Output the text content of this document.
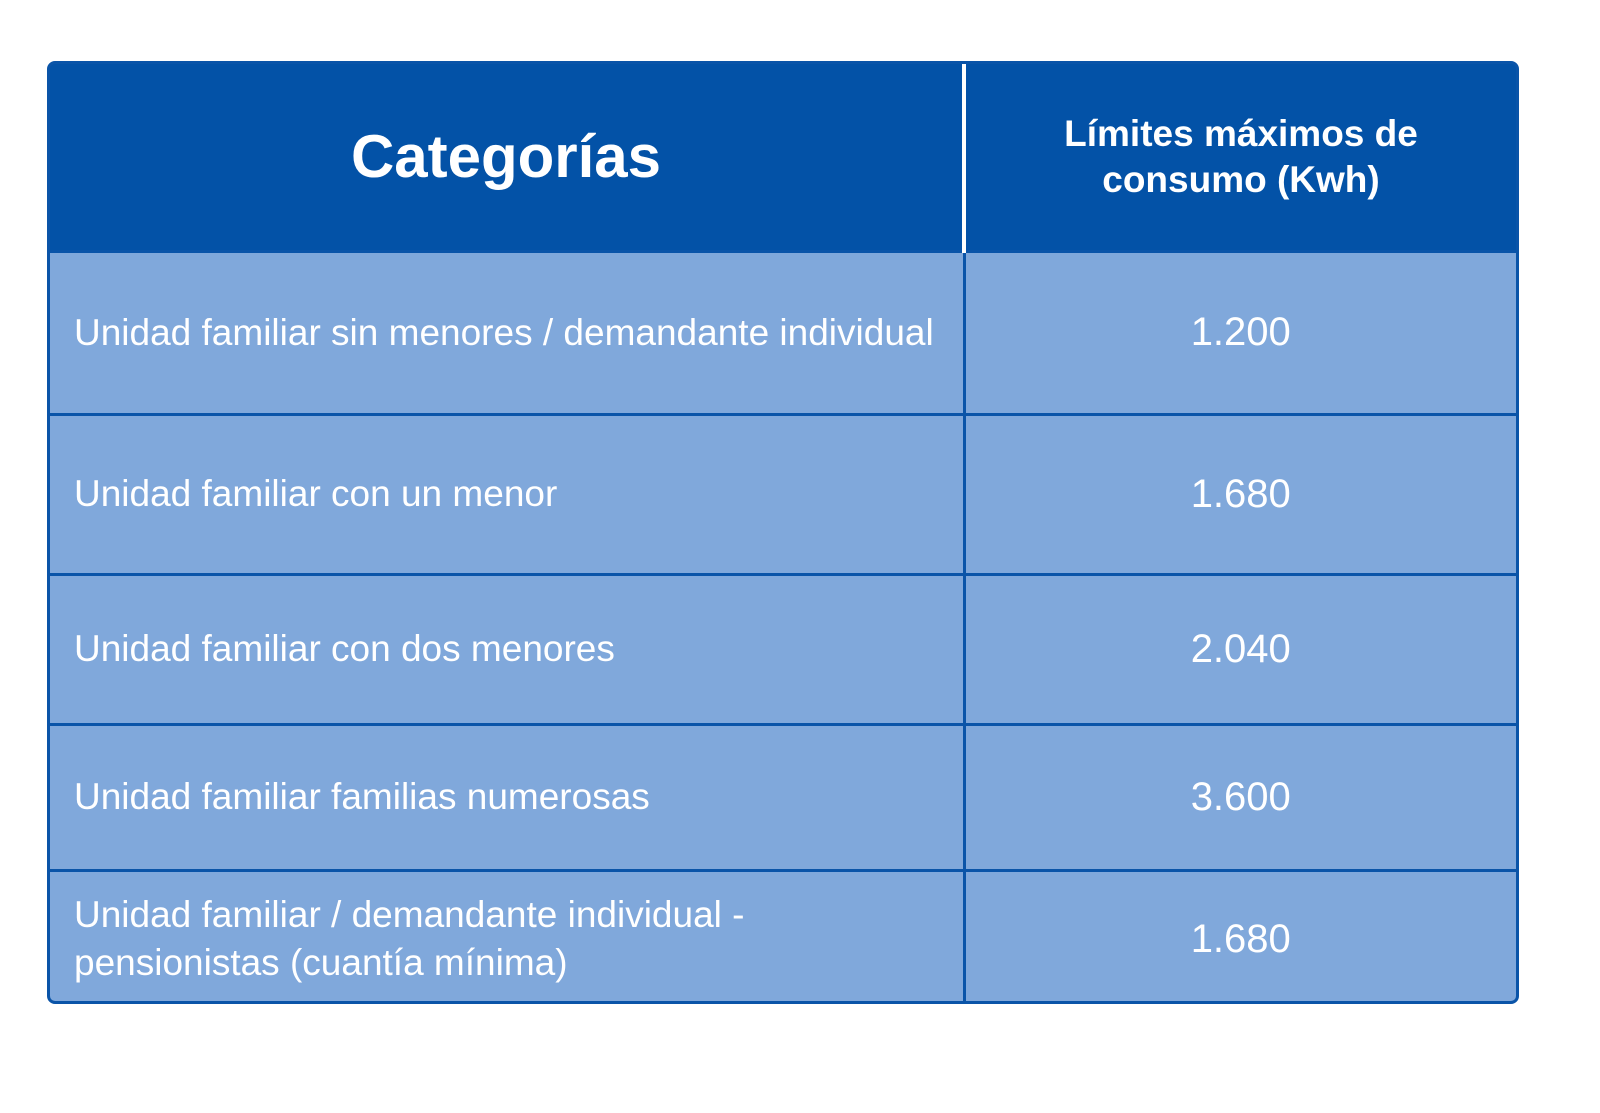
Categorías	Límites máximos de consumo (Kwh)
Unidad familiar sin menores / demandante individual	1.200
Unidad familiar con un menor	1.680
Unidad familiar con dos menores	2.040
Unidad familiar familias numerosas	3.600
Unidad familiar / demandante individual - pensionistas (cuantía mínima)	1.680
